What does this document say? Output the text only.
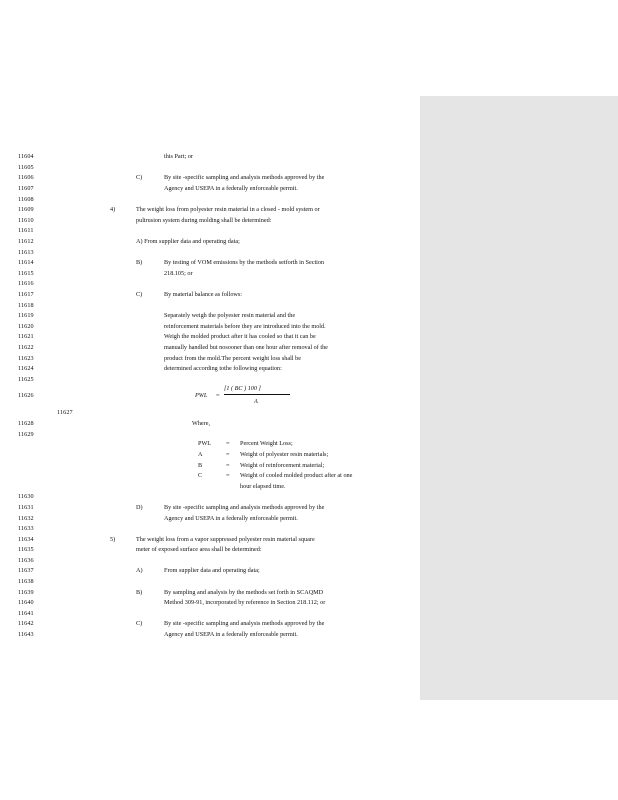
11604
11605
11606
11607
11608
11609
11610
11611
11612
11613
11614
11615
11616
11617
11618
11619
11620
11621
11622
11623
11624
11625
11626
11627
11628
11629
11630
11631
11632
11633
11634
11635
11636
11637
11638
11639
11640
11641
11642
11643
this Part; or
C)	By site -specific sampling and analysis methods approved by the
Agency and USEPA in a federally enforceable permit.
4)	The weight loss from polyester resin material in a closed - mold system or
pultrusion system during molding shall be determined:
A) From supplier data and operating data;
B)	By testing of VOM emissions by the methods setforth in Section
218.105; or
C)	By material balance as follows:
Separately weigh the polyester resin material and the
reinforcement materials before they are introduced into the mold.
Weigh the molded product after it has cooled so that it can be
manually handled but nosooner than one hour after removal of the
product from the mold.The percent weight loss shall be
determined according tothe following equation:
PWL =
[1 ( BC ) 100 ]
A
Where,
PWL = Percent Weight Loss;
A	= Weight of polyester resin materials;
B	= Weight of reinforcement material;
C	= Weight of cooled molded product after at one
hour elapsed time.
D)	By site -specific sampling and analysis methods approved by the
Agency and USEPA in a federally enforceable permit.
5)	The weight loss from a vapor suppressed polyester resin material square
meter of exposed surface area shall be determined:
A)	From supplier data and operating data;
B)	By sampling and analysis by the methods set forth in SCAQMD
Method 309-91, incorporated by reference in Section 218.112; or
C)	By site -specific sampling and analysis methods approved by the
Agency and USEPA in a federally enforceable permit.
